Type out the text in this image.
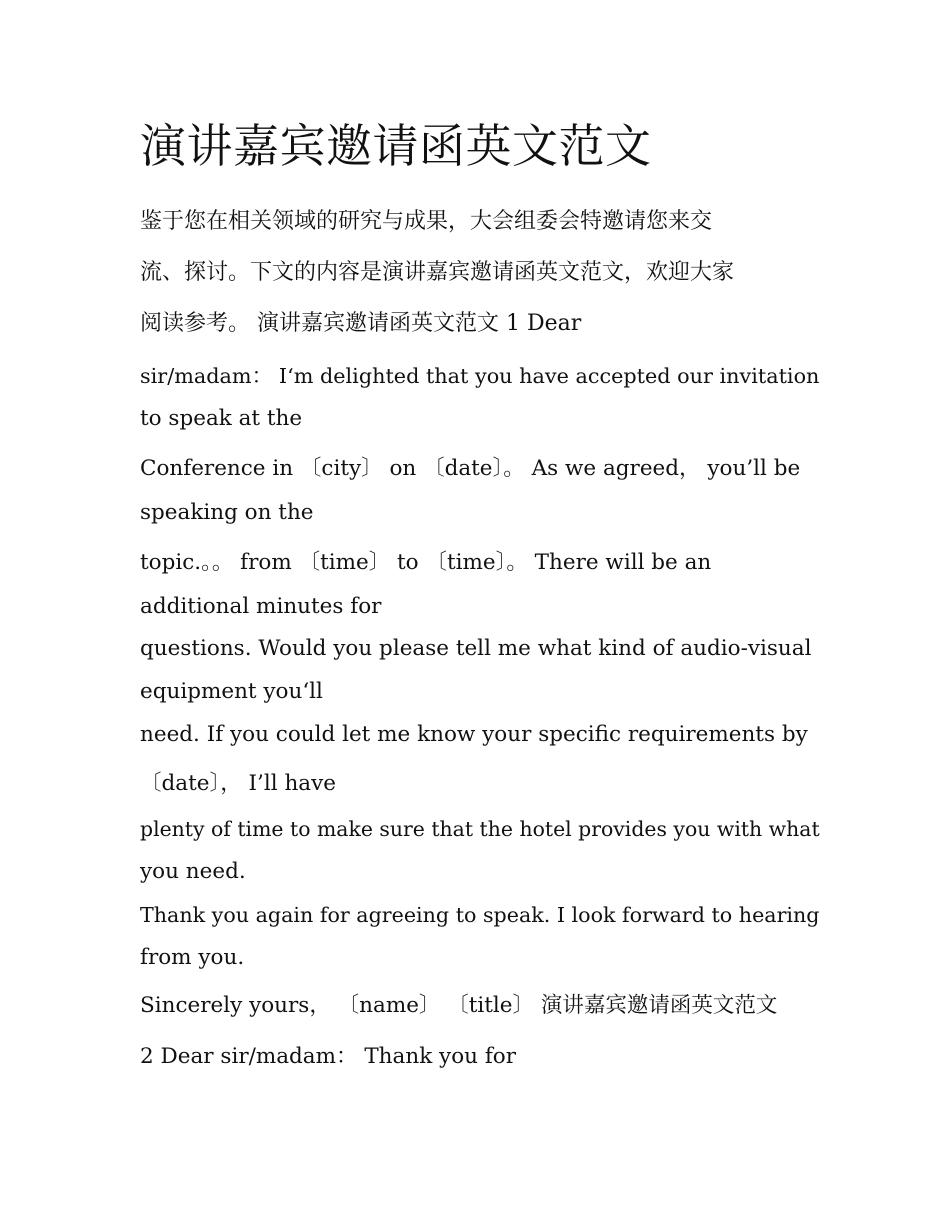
演讲嘉宾邀请函英文范文
鉴于您在相关领域的研究与成果，大会组委会特邀请您来交
流、探讨。下文的内容是演讲嘉宾邀请函英文范文，欢迎大家
阅读参考。 演讲嘉宾邀请函英文范文 1 Dear
sir/madam： I‘m delighted that you have accepted our invitation
to speak at the
Conference in 〔city〕 on 〔date〕。 As we agreed， you’ll be
speaking on the
topic.。。 from 〔time〕 to 〔time〕。 There will be an
additional minutes for
questions. Would you please tell me what kind of audio-visual
equipment you‘ll
need. If you could let me know your specific requirements by
〔date〕， I’ll have
plenty of time to make sure that the hotel provides you with what
you need.
Thank you again for agreeing to speak. I look forward to hearing
from you.
Sincerely yours， 〔name〕 〔title〕 演讲嘉宾邀请函英文范文
2 Dear sir/madam： Thank you for
